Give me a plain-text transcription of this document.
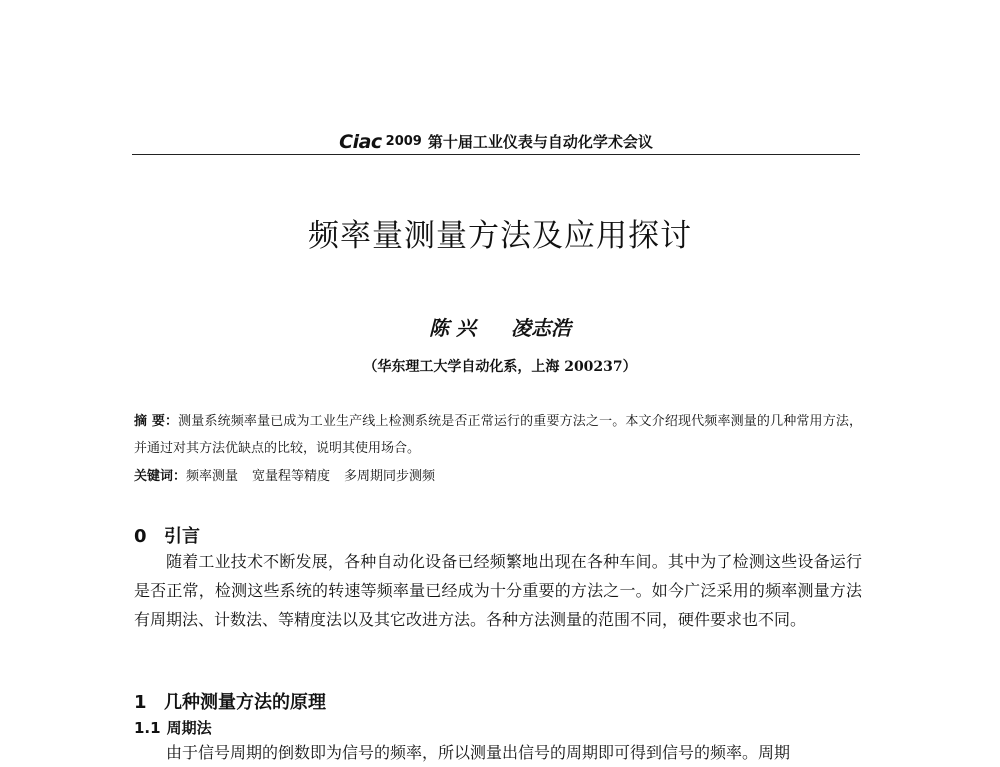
Ciac 2009 第十届工业仪表与自动化学术会议
频率量测量方法及应用探讨
陈 兴 凌志浩
（华东理工大学自动化系，上海 200237）
摘 要：测量系统频率量已成为工业生产线上检测系统是否正常运行的重要方法之一。本文介绍现代频率测量的几种常用方法，并通过对其方法优缺点的比较，说明其使用场合。
关键词：频率测量 宽量程等精度 多周期同步测频
0 引言

随着工业技术不断发展，各种自动化设备已经频繁地出现在各种车间。其中为了检测这些设备运行是否正常，检测这些系统的转速等频率量已经成为十分重要的方法之一。如今广泛采用的频率测量方法有周期法、计数法、等精度法以及其它改进方法。各种方法测量的范围不同，硬件要求也不同。

1 几种测量方法的原理
1.1 周期法

由于信号周期的倒数即为信号的频率，所以测量出信号的周期即可得到信号的频率。周期
